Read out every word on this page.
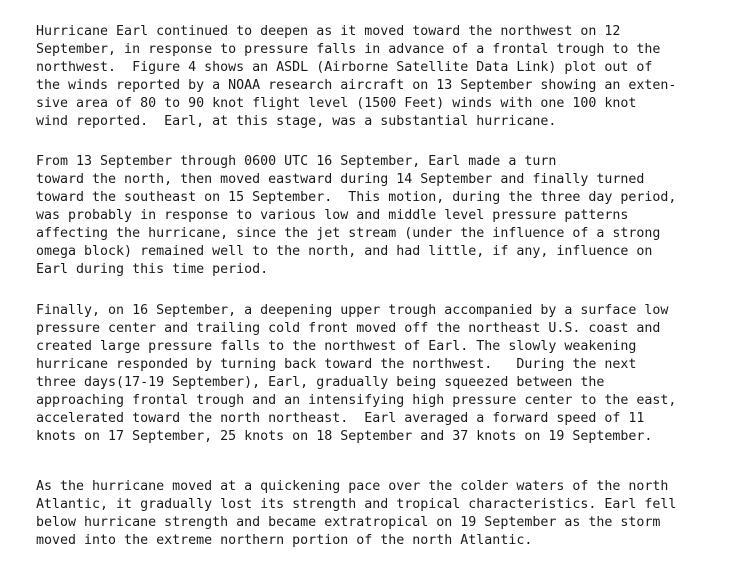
Hurricane Earl continued to deepen as it moved toward the northwest on 12
September, in response to pressure falls in advance of a frontal trough to the
northwest.  Figure 4 shows an ASDL (Airborne Satellite Data Link) plot out of
the winds reported by a NOAA research aircraft on 13 September showing an exten-
sive area of 80 to 90 knot flight level (1500 Feet) winds with one 100 knot
wind reported.  Earl, at this stage, was a substantial hurricane.
From 13 September through 0600 UTC 16 September, Earl made a turn
toward the north, then moved eastward during 14 September and finally turned
toward the southeast on 15 September.  This motion, during the three day period,
was probably in response to various low and middle level pressure patterns
affecting the hurricane, since the jet stream (under the influence of a strong
omega block) remained well to the north, and had little, if any, influence on
Earl during this time period.
Finally, on 16 September, a deepening upper trough accompanied by a surface low
pressure center and trailing cold front moved off the northeast U.S. coast and
created large pressure falls to the northwest of Earl. The slowly weakening
hurricane responded by turning back toward the northwest.   During the next
three days(17-19 September), Earl, gradually being squeezed between the
approaching frontal trough and an intensifying high pressure center to the east,
accelerated toward the north northeast.  Earl averaged a forward speed of 11
knots on 17 September, 25 knots on 18 September and 37 knots on 19 September.
As the hurricane moved at a quickening pace over the colder waters of the north
Atlantic, it gradually lost its strength and tropical characteristics. Earl fell
below hurricane strength and became extratropical on 19 September as the storm
moved into the extreme northern portion of the north Atlantic.
